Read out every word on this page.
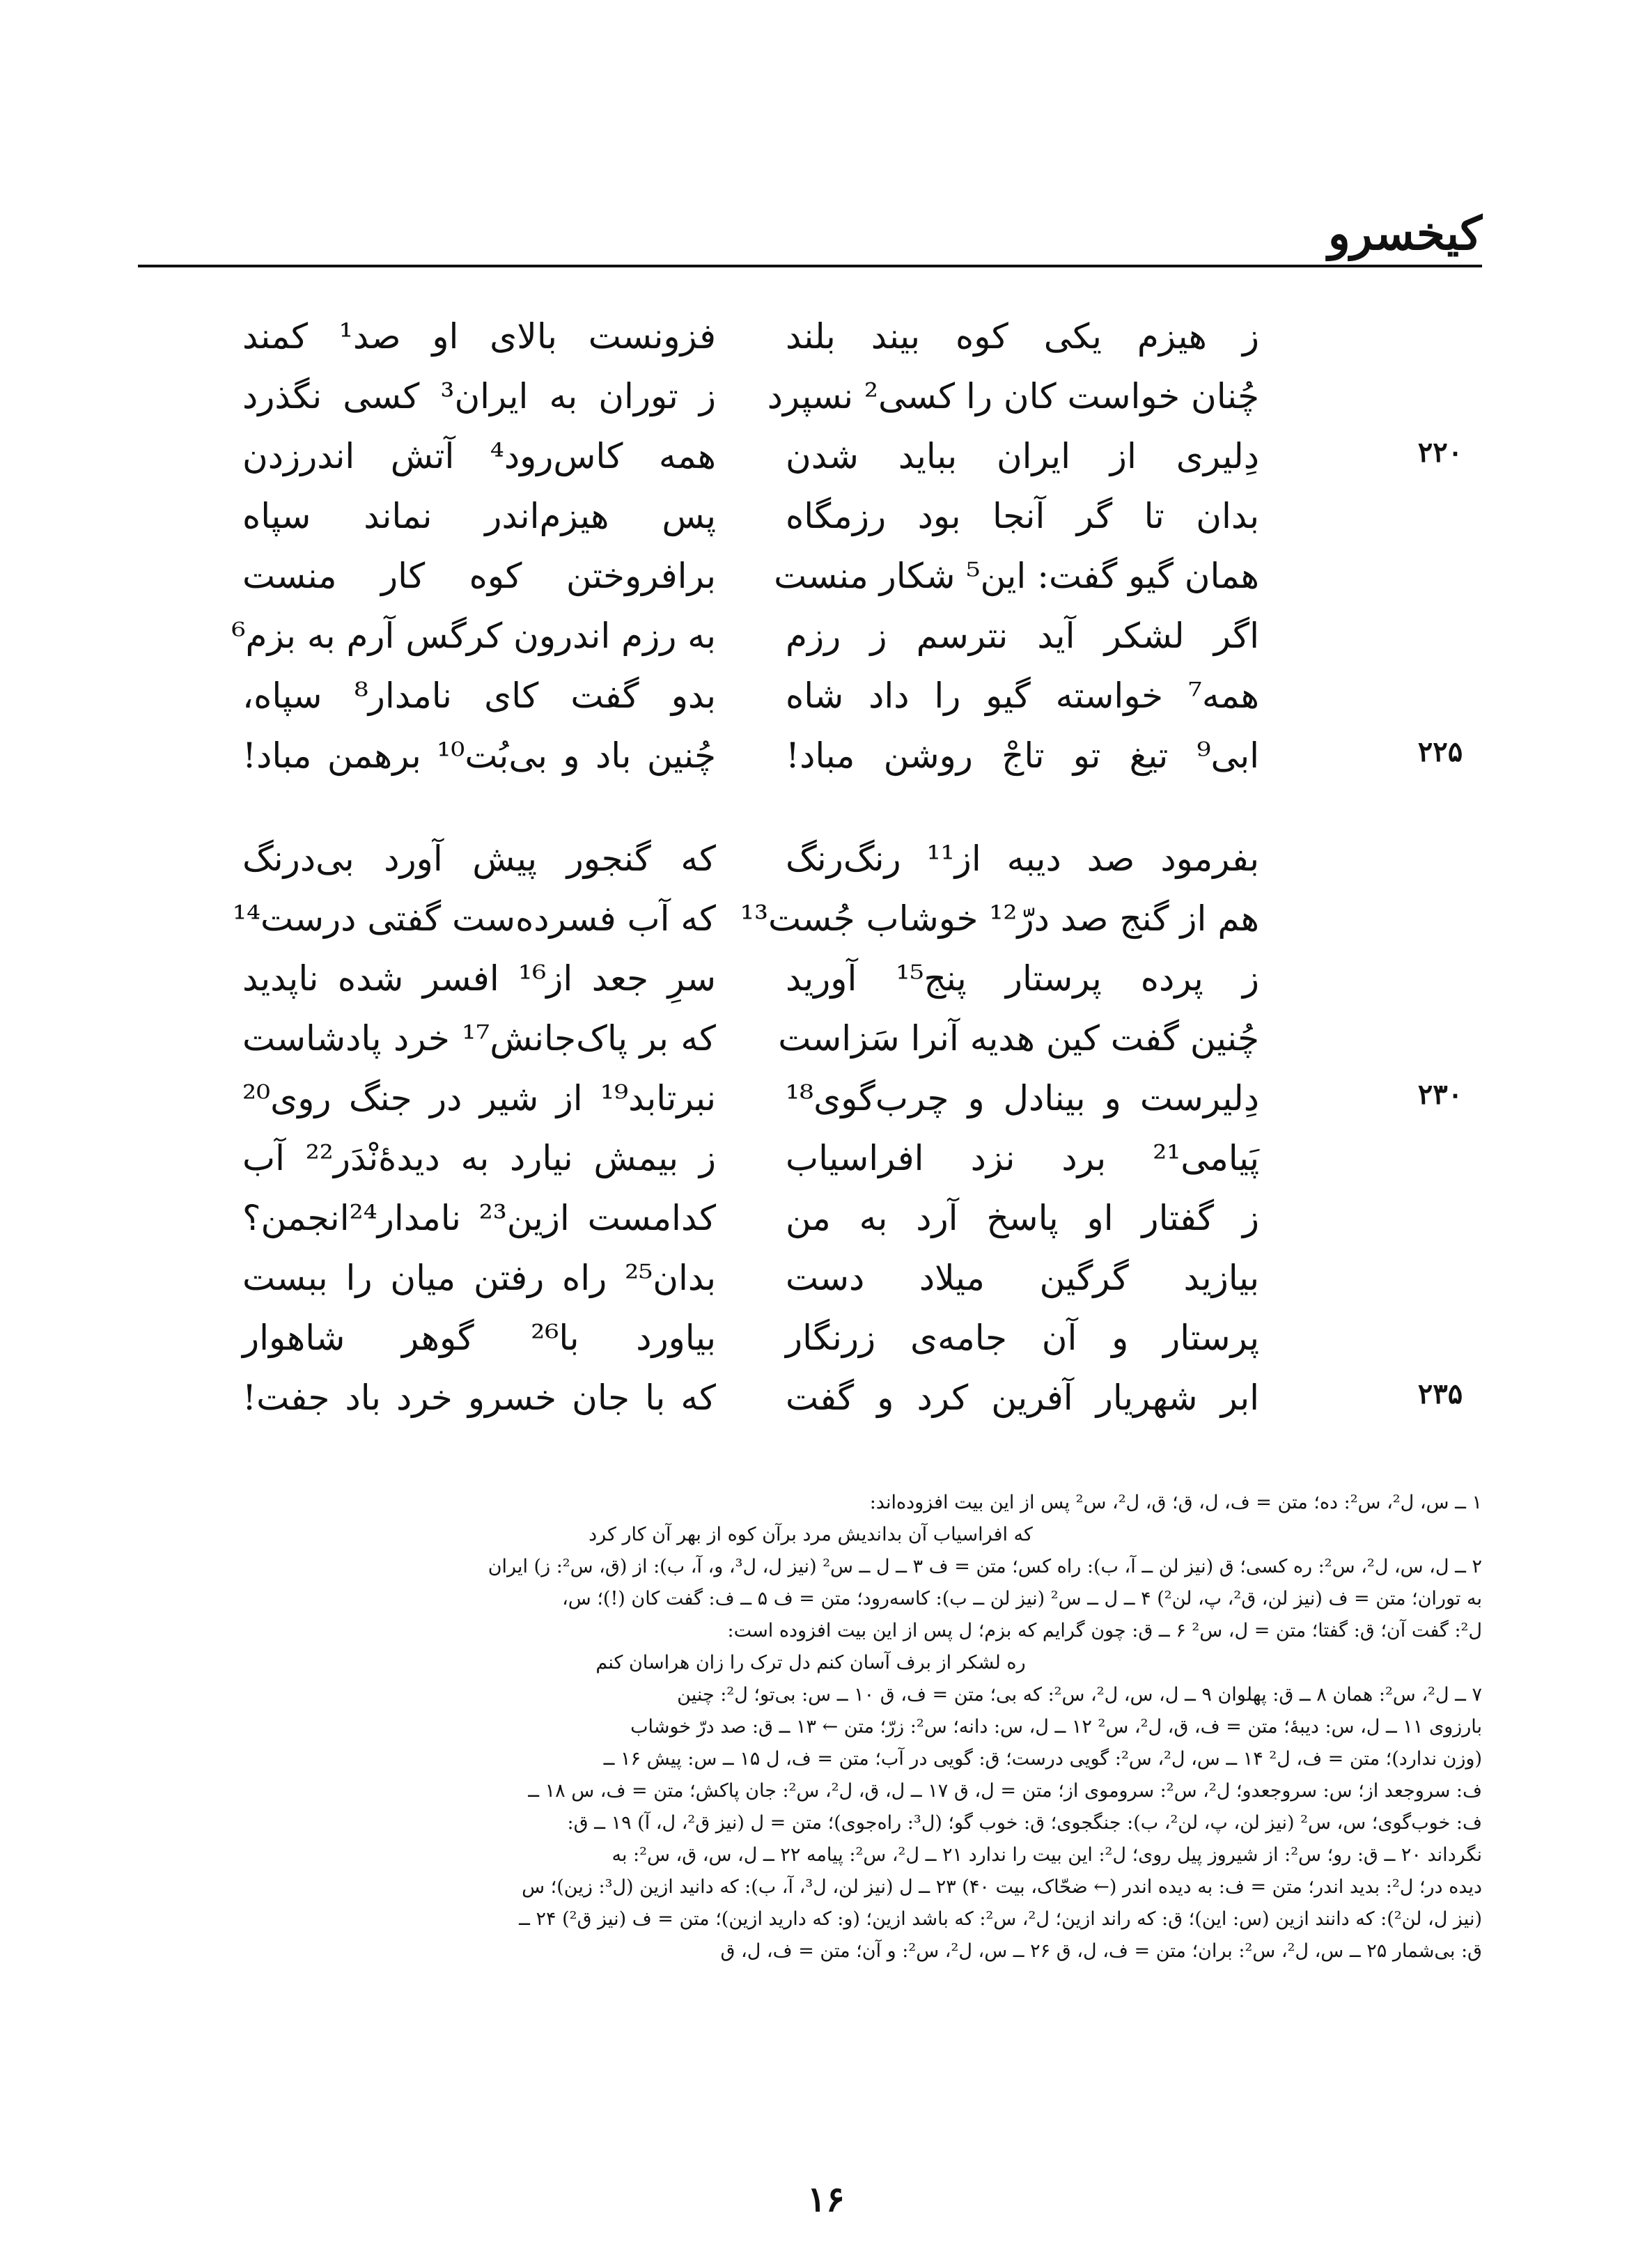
کیخسرو
ز هیزم یکی کوه بیند بلند
فزونست بالای او صد¹ کمند
چُنان خواست کان را کسی² نسپرد
ز توران به ایران³ کسی نگذرد
۲۲۰
دِلیری از ایران بباید شدن
همه کاس‌رود⁴ آتش اندرزدن
بدان تا گر آنجا بود رزمگاه
پس هیزم‌اندر نماند سپاه
همان گیو گفت: این⁵ شکار منست
برافروختن کوه کار منست
اگر لشکر آید نترسم ز رزم
به رزم اندرون کرگس آرم به بزم⁶
همه⁷ خواسته گیو را داد شاه
بدو گفت کای نامدار⁸ سپاه،
۲۲۵
ابی⁹ تیغ تو تاجْ روشن مباد!
چُنین باد و بی‌بُت¹⁰ برهمن مباد!
بفرمود صد دیبه از¹¹ رنگ‌رنگ
که گنجور پیش آورد بی‌درنگ
هم از گنج صد درّ¹² خوشاب جُست¹³
که آب فسرده‌ست گفتی درست¹⁴
ز پرده پرستار پنج¹⁵ آورید
سرِ جعد از¹⁶ افسر شده ناپدید
چُنین گفت کین هدیه آنرا سَزاست
که بر پاک‌جانش¹⁷ خرد پادشاست
۲۳۰
دِلیرست و بینادل و چرب‌گوی¹⁸
نبرتابد¹⁹ از شیر در جنگ روی²⁰
پَیامی²¹ برد نزد افراسیاب
ز بیمش نیارد به دیدهٔ‌نْدَر²² آب
ز گفتار او پاسخ آرد به من
کدامست ازین²³ نامدار²⁴انجمن؟
بیازید گرگین میلاد دست
بدان²⁵ راه رفتن میان را ببست
پرستار و آن جامه‌ی زرنگار
بیاورد با²⁶ گوهر شاهوار
۲۳۵
ابر شهریار آفرین کرد و گفت
که با جان خسرو خرد باد جفت!
۱ ــ س، ل²، س²: ده؛ متن = ف، ل، ق؛ ق، ل²، س² پس از این بیت افزوده‌اند:
که افراسیاب آن بداندیش مرد برآن کوه از بهر آن کار کرد
۲ ــ ل، س، ل²، س²: ره کسی؛ ق (نیز لن ــ آ، ب): راه کس؛ متن = ف ۳ ــ ل ــ س² (نیز ل، ل³، و، آ، ب): از (ق، س²: ز) ایران
به توران؛ متن = ف (نیز لن، ق²، پ، لن²) ۴ ــ ل ــ س² (نیز لن ــ ب): کاسه‌رود؛ متن = ف ۵ ــ ف: گفت کان (!)؛ س،
ل²: گفت آن؛ ق: گفتا؛ متن = ل، س² ۶ ــ ق: چون گرایم که بزم؛ ل پس از این بیت افزوده است:
ره لشکر از برف آسان کنم دل ترک را زان هراسان کنم
۷ ــ ل²، س²: همان ۸ ــ ق: پهلوان ۹ ــ ل، س، ل²، س²: که بی؛ متن = ف، ق ۱۰ ــ س: بی‌تو؛ ل²: چنین
بارزوی ۱۱ ــ ل، س: دیبهٔ؛ متن = ف، ق، ل²، س² ۱۲ ــ ل، س: دانه؛ س²: زرّ؛ متن ← ۱۳ ــ ق: صد درّ خوشاب
(وزن ندارد)؛ متن = ف، ل² ۱۴ ــ س، ل²، س²: گویی درست؛ ق: گویی در آب؛ متن = ف، ل ۱۵ ــ س: پیش ۱۶ ــ
ف: سروجعد از؛ س: سروجعدو؛ ل²، س²: سروموی از؛ متن = ل، ق ۱۷ ــ ل، ق، ل²، س²: جان پاکش؛ متن = ف، س ۱۸ ــ
ف: خوب‌گوی؛ س، س² (نیز لن، پ، لن²، ب): جنگجوی؛ ق: خوب گو؛ (ل³: راه‌جوی)؛ متن = ل (نیز ق²، ل، آ) ۱۹ ــ ق:
نگرداند ۲۰ ــ ق: رو؛ س²: از شیروز پیل روی؛ ل²: این بیت را ندارد ۲۱ ــ ل²، س²: پیامه ۲۲ ــ ل، س، ق، س²: به
دیده در؛ ل²: بدید اندر؛ متن = ف: به دیده اندر (← ضحّاک، بیت ۴۰) ۲۳ ــ ل (نیز لن، ل³، آ، ب): که دانید ازین (ل³: زین)؛ س
(نیز ل، لن²): که دانند ازین (س: این)؛ ق: که راند ازین؛ ل²، س²: که باشد ازین؛ (و: که دارید ازین)؛ متن = ف (نیز ق²) ۲۴ ــ
ق: بی‌شمار ۲۵ ــ س، ل²، س²: بران؛ متن = ف، ل، ق ۲۶ ــ س، ل²، س²: و آن؛ متن = ف، ل، ق
۱۶
